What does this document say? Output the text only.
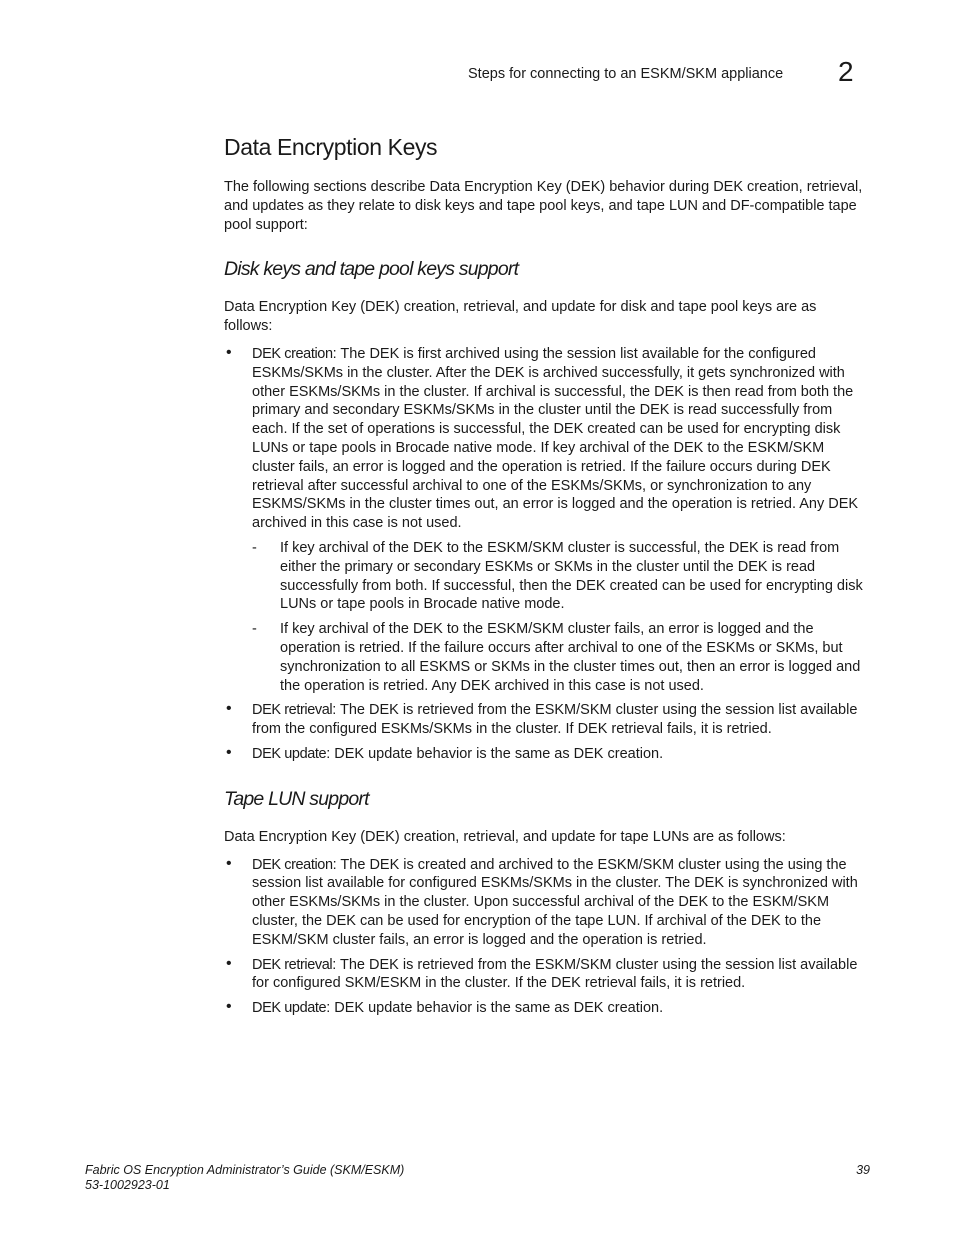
Steps for connecting to an ESKM/SKM appliance 2
Data Encryption Keys

The following sections describe Data Encryption Key (DEK) behavior during DEK creation, retrieval, and updates as they relate to disk keys and tape pool keys, and tape LUN and DF-compatible tape pool support:

Disk keys and tape pool keys support

Data Encryption Key (DEK) creation, retrieval, and update for disk and tape pool keys are as follows:

• DEK creation: The DEK is first archived using the session list available for the configured ESKMs/SKMs in the cluster. After the DEK is archived successfully, it gets synchronized with other ESKMs/SKMs in the cluster. If archival is successful, the DEK is then read from both the primary and secondary ESKMs/SKMs in the cluster until the DEK is read successfully from each. If the set of operations is successful, the DEK created can be used for encrypting disk LUNs or tape pools in Brocade native mode. If key archival of the DEK to the ESKM/SKM cluster fails, an error is logged and the operation is retried. If the failure occurs during DEK retrieval after successful archival to one of the ESKMs/SKMs, or synchronization to any ESKMS/SKMs in the cluster times out, an error is logged and the operation is retried. Any DEK archived in this case is not used.
- If key archival of the DEK to the ESKM/SKM cluster is successful, the DEK is read from either the primary or secondary ESKMs or SKMs in the cluster until the DEK is read successfully from both. If successful, then the DEK created can be used for encrypting disk LUNs or tape pools in Brocade native mode.
- If key archival of the DEK to the ESKM/SKM cluster fails, an error is logged and the operation is retried. If the failure occurs after archival to one of the ESKMs or SKMs, but synchronization to all ESKMS or SKMs in the cluster times out, then an error is logged and the operation is retried. Any DEK archived in this case is not used.
• DEK retrieval: The DEK is retrieved from the ESKM/SKM cluster using the session list available from the configured ESKMs/SKMs in the cluster. If DEK retrieval fails, it is retried.
• DEK update: DEK update behavior is the same as DEK creation.
Tape LUN support

Data Encryption Key (DEK) creation, retrieval, and update for tape LUNs are as follows:

• DEK creation: The DEK is created and archived to the ESKM/SKM cluster using the using the session list available for configured ESKMs/SKMs in the cluster. The DEK is synchronized with other ESKMs/SKMs in the cluster. Upon successful archival of the DEK to the ESKM/SKM cluster, the DEK can be used for encryption of the tape LUN. If archival of the DEK to the ESKM/SKM cluster fails, an error is logged and the operation is retried.
• DEK retrieval: The DEK is retrieved from the ESKM/SKM cluster using the session list available for configured SKM/ESKM in the cluster. If the DEK retrieval fails, it is retried.
• DEK update: DEK update behavior is the same as DEK creation.
Fabric OS Encryption Administrator’s Guide (SKM/ESKM)
53-1002923-01
39
